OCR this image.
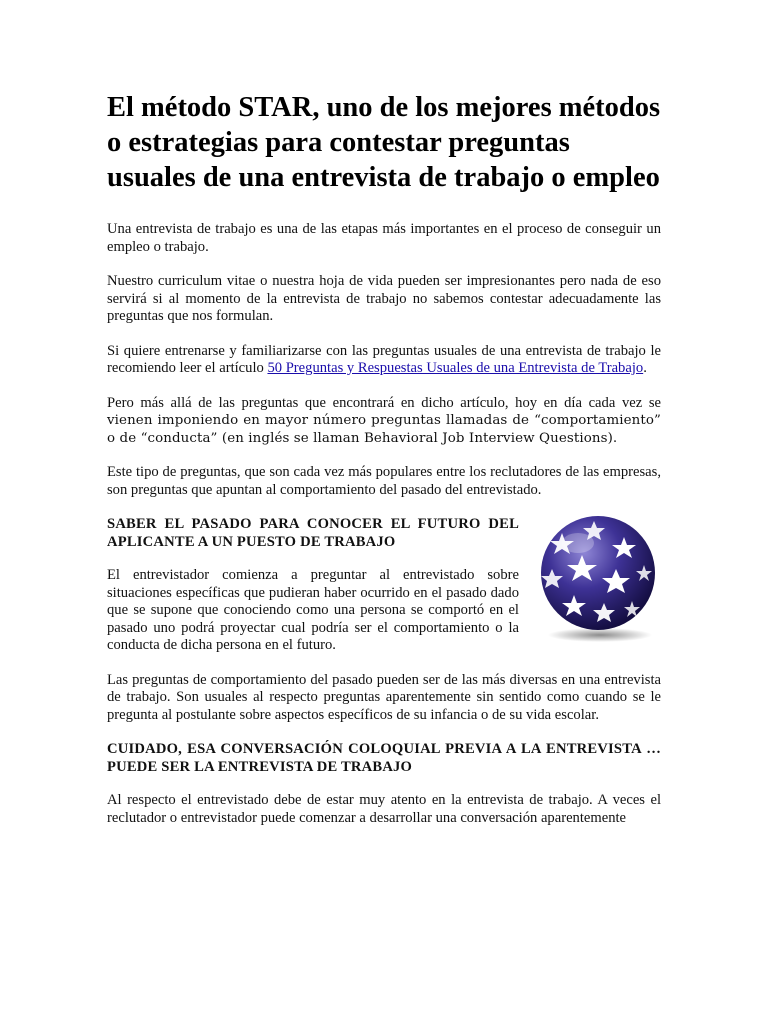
El método STAR, uno de los mejores métodos o estrategias para contestar preguntas usuales de una entrevista de trabajo o empleo

Una entrevista de trabajo es una de las etapas más importantes en el proceso de conseguir un empleo o trabajo.

Nuestro curriculum vitae o nuestra hoja de vida pueden ser impresionantes pero nada de eso servirá si al momento de la entrevista de trabajo no sabemos contestar adecuadamente las preguntas que nos formulan.

Si quiere entrenarse y familiarizarse con las preguntas usuales de una entrevista de trabajo le recomiendo leer el artículo 50 Preguntas y Respuestas Usuales de una Entrevista de Trabajo.

Pero más allá de las preguntas que encontrará en dicho artículo, hoy en día cada vez se vienen imponiendo en mayor número preguntas llamadas de “comportamiento” o de “conducta” (en inglés se llaman Behavioral Job Interview Questions).

Este tipo de preguntas, que son cada vez más populares entre los reclutadores de las empresas, son preguntas que apuntan al comportamiento del pasado del entrevistado.

SABER EL PASADO PARA CONOCER EL FUTURO DEL APLICANTE A UN PUESTO DE TRABAJO

El entrevistador comienza a preguntar al entrevistado sobre situaciones específicas que pudieran haber ocurrido en el pasado dado que se supone que conociendo como una persona se comportó en el pasado uno podrá proyectar cual podría ser el comportamiento o la conducta de dicha persona en el futuro.

Las preguntas de comportamiento del pasado pueden ser de las más diversas en una entrevista de trabajo. Son usuales al respecto preguntas aparentemente sin sentido como cuando se le pregunta al postulante sobre aspectos específicos de su infancia o de su vida escolar.

CUIDADO, ESA CONVERSACIÓN COLOQUIAL PREVIA A LA ENTREVISTA … PUEDE SER LA ENTREVISTA DE TRABAJO

Al respecto el entrevistado debe de estar muy atento en la entrevista de trabajo. A veces el reclutador o entrevistador puede comenzar a desarrollar una conversación aparentemente
